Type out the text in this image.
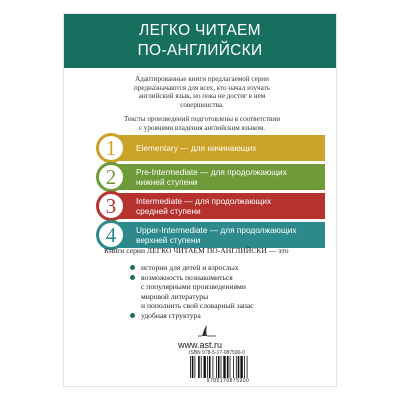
ЛЕГКО ЧИТАЕМ
ПО-АНГЛИЙСКИ
Адаптированные книги предлагаемой серии
предназначаются для всех, кто начал изучать
английский язык, но пока не достиг в нем
совершенства.
Тексты произведений подготовлены в соответствии
с уровнями владения английским языком.
Elementary — для начинающих
1
Pre-Intermediate — для продолжающих
нижней ступени
2
Intermediate — для продолжающих
средней ступени
3
Upper-Intermediate — для продолжающих
верхней ступени
4
Книги серии ЛЕГКО ЧИТАЕМ ПО-АНГЛИЙСКИ — это
истории для детей и взрослых
возможность познакомиться
с популярными произведениями
мировой литературы
и пополнить свой словарный запас
удобная структура
www.ast.ru
ISBN 978-5-17-087590-0
9785170875900
